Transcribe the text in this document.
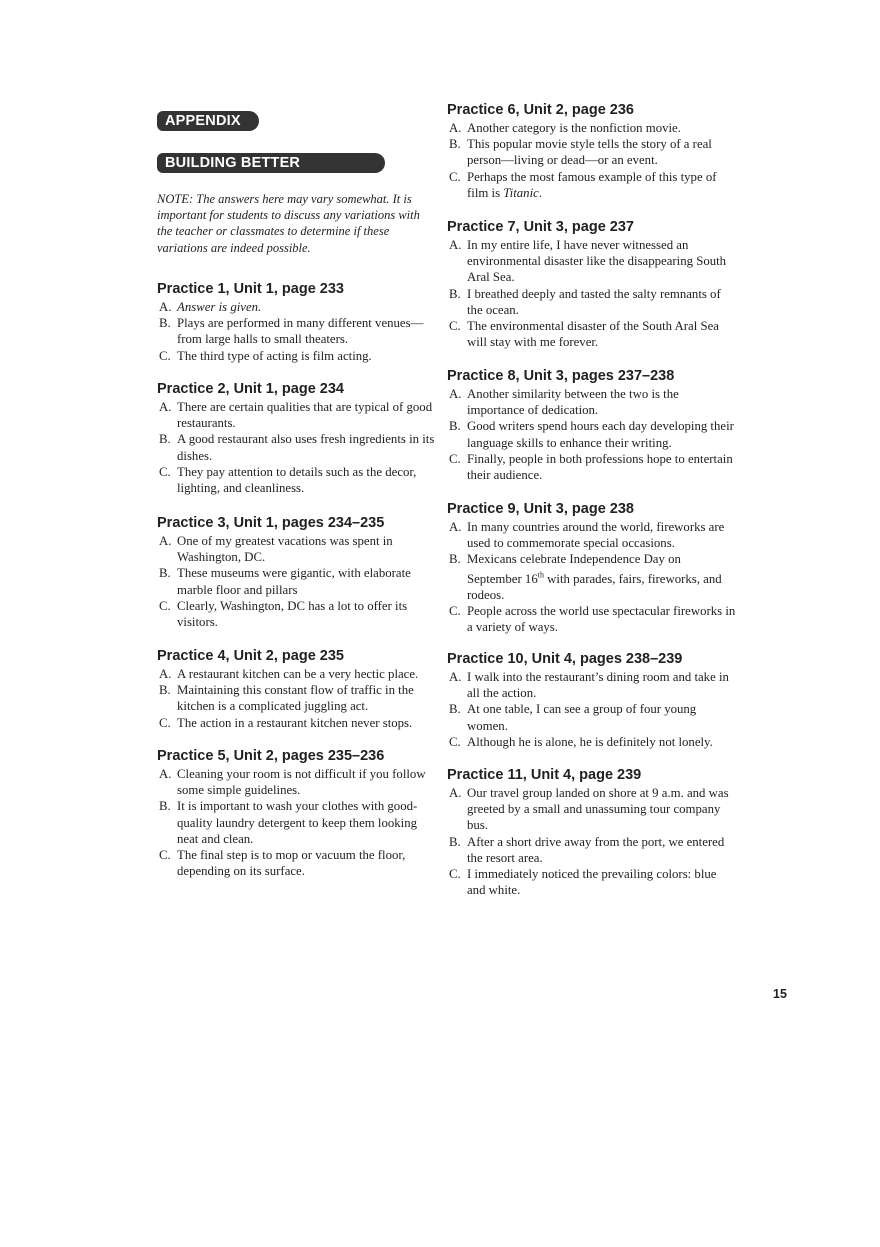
APPENDIX 1
BUILDING BETTER SENTENCES
NOTE: The answers here may vary somewhat. It is important for students to discuss any variations with the teacher or classmates to determine if these variations are indeed possible.
Practice 1, Unit 1, page 233
A. Answer is given.
B. Plays are performed in many different venues—from large halls to small theaters.
C. The third type of acting is film acting.
Practice 2, Unit 1, page 234
A. There are certain qualities that are typical of good restaurants.
B. A good restaurant also uses fresh ingredients in its dishes.
C. They pay attention to details such as the decor, lighting, and cleanliness.
Practice 3, Unit 1, pages 234–235
A. One of my greatest vacations was spent in Washington, DC.
B. These museums were gigantic, with elaborate marble floor and pillars
C. Clearly, Washington, DC has a lot to offer its visitors.
Practice 4, Unit 2, page 235
A. A restaurant kitchen can be a very hectic place.
B. Maintaining this constant flow of traffic in the kitchen is a complicated juggling act.
C. The action in a restaurant kitchen never stops.
Practice 5, Unit 2, pages 235–236
A. Cleaning your room is not difficult if you follow some simple guidelines.
B. It is important to wash your clothes with good-quality laundry detergent to keep them looking neat and clean.
C. The final step is to mop or vacuum the floor, depending on its surface.
Practice 6, Unit 2, page 236
A. Another category is the nonfiction movie.
B. This popular movie style tells the story of a real person—living or dead—or an event.
C. Perhaps the most famous example of this type of film is Titanic.
Practice 7, Unit 3, page 237
A. In my entire life, I have never witnessed an environmental disaster like the disappearing South Aral Sea.
B. I breathed deeply and tasted the salty remnants of the ocean.
C. The environmental disaster of the South Aral Sea will stay with me forever.
Practice 8, Unit 3, pages 237–238
A. Another similarity between the two is the importance of dedication.
B. Good writers spend hours each day developing their language skills to enhance their writing.
C. Finally, people in both professions hope to entertain their audience.
Practice 9, Unit 3, page 238
A. In many countries around the world, fireworks are used to commemorate special occasions.
B. Mexicans celebrate Independence Day on September 16th with parades, fairs, fireworks, and rodeos.
C. People across the world use spectacular fireworks in a variety of ways.
Practice 10, Unit 4, pages 238–239
A. I walk into the restaurant’s dining room and take in all the action.
B. At one table, I can see a group of four young women.
C. Although he is alone, he is definitely not lonely.
Practice 11, Unit 4, page 239
A. Our travel group landed on shore at 9 a.m. and was greeted by a small and unassuming tour company bus.
B. After a short drive away from the port, we entered the resort area.
C. I immediately noticed the prevailing colors: blue and white.
15
